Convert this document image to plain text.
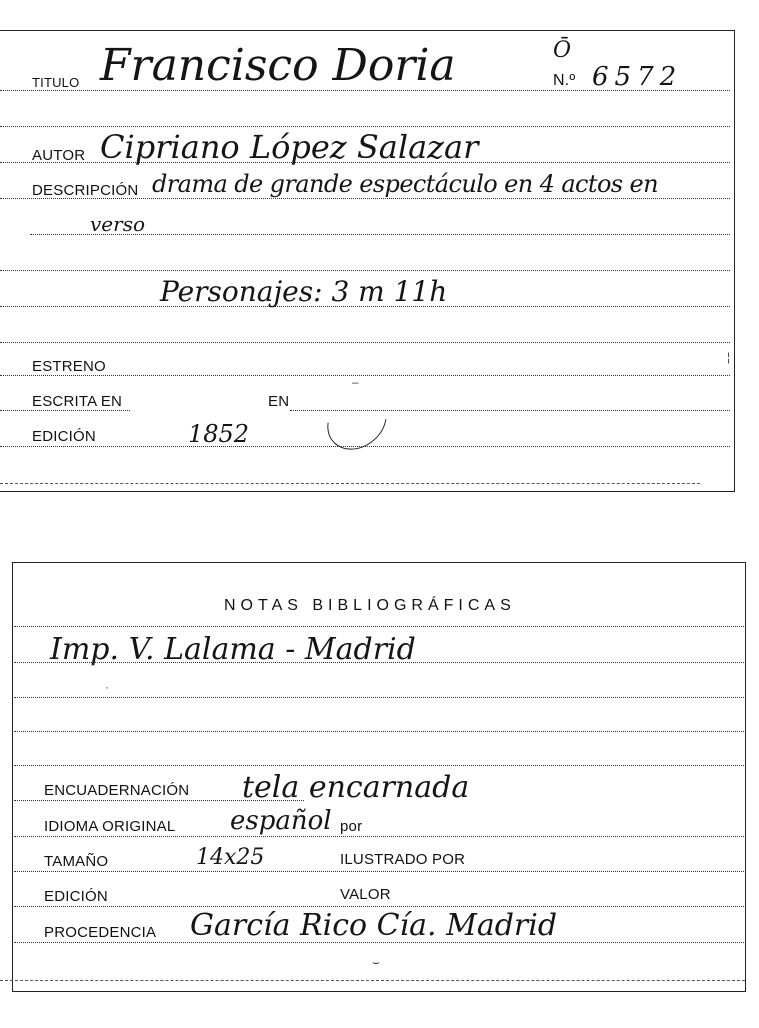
TITULO Francisco Doria	Ō
N.º 6572
AUTOR Cipriano López Salazar
DESCRIPCIÓN drama de grande espectáculo en 4 actos en
verso
Personajes: 3 m 11h
ESTRENO
ESCRITA EN	EN
EDICIÓN	1852
–
¦
NOTAS BIBLIOGRÁFICAS
Imp. V. Lalama - Madrid
·
ENCUADERNACIÓN tela encarnada
IDIOMA ORIGINAL español por
TAMAÑO	14x25	ILUSTRADO POR
EDICIÓN	VALOR
PROCEDENCIA García Rico Cía. Madrid
⌣
